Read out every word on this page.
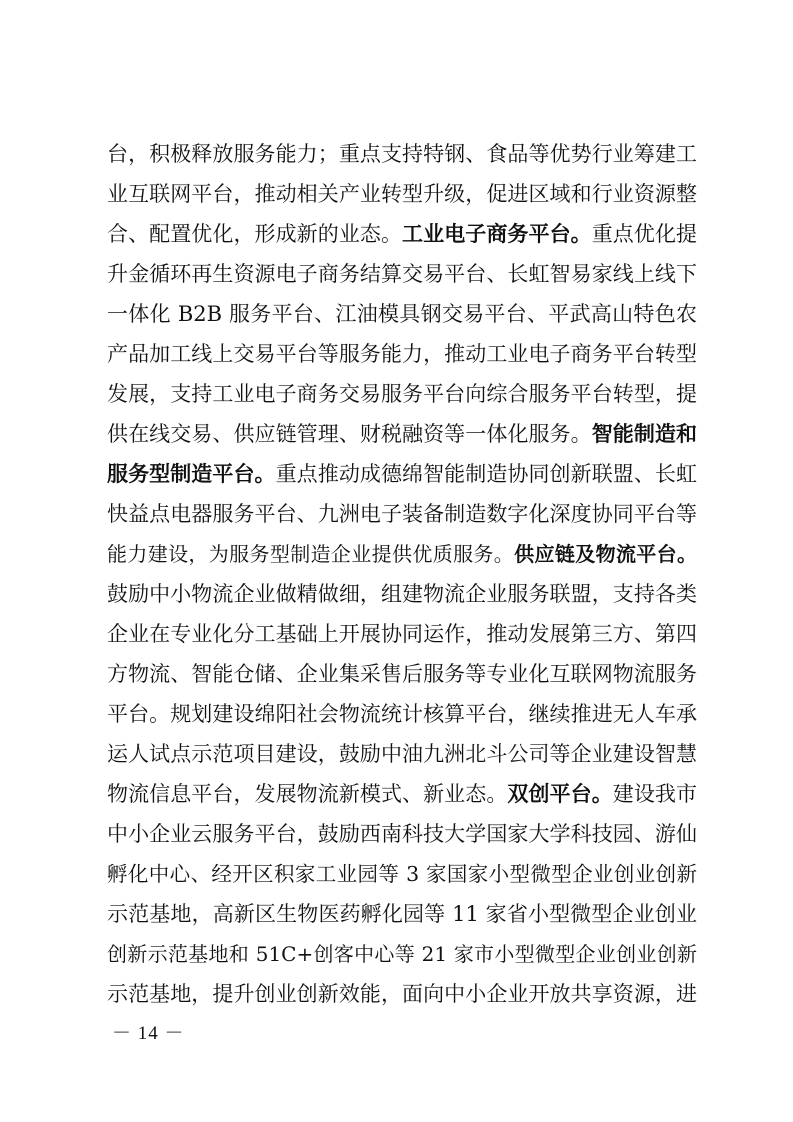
台，积极释放服务能力；重点支持特钢、食品等优势行业筹建工
业互联网平台，推动相关产业转型升级，促进区域和行业资源整
合、配置优化，形成新的业态。工业电子商务平台。重点优化提
升金循环再生资源电子商务结算交易平台、长虹智易家线上线下
一体化 B2B 服务平台、江油模具钢交易平台、平武高山特色农
产品加工线上交易平台等服务能力，推动工业电子商务平台转型
发展，支持工业电子商务交易服务平台向综合服务平台转型，提
供在线交易、供应链管理、财税融资等一体化服务。智能制造和
服务型制造平台。重点推动成德绵智能制造协同创新联盟、长虹
快益点电器服务平台、九洲电子装备制造数字化深度协同平台等
能力建设，为服务型制造企业提供优质服务。供应链及物流平台。
鼓励中小物流企业做精做细，组建物流企业服务联盟，支持各类
企业在专业化分工基础上开展协同运作，推动发展第三方、第四
方物流、智能仓储、企业集采售后服务等专业化互联网物流服务
平台。规划建设绵阳社会物流统计核算平台，继续推进无人车承
运人试点示范项目建设，鼓励中油九洲北斗公司等企业建设智慧
物流信息平台，发展物流新模式、新业态。双创平台。建设我市
中小企业云服务平台，鼓励西南科技大学国家大学科技园、游仙
孵化中心、经开区积家工业园等 3 家国家小型微型企业创业创新
示范基地，高新区生物医药孵化园等 11 家省小型微型企业创业
创新示范基地和 51C+创客中心等 21 家市小型微型企业创业创新
示范基地，提升创业创新效能，面向中小企业开放共享资源，进
－ 14 －
